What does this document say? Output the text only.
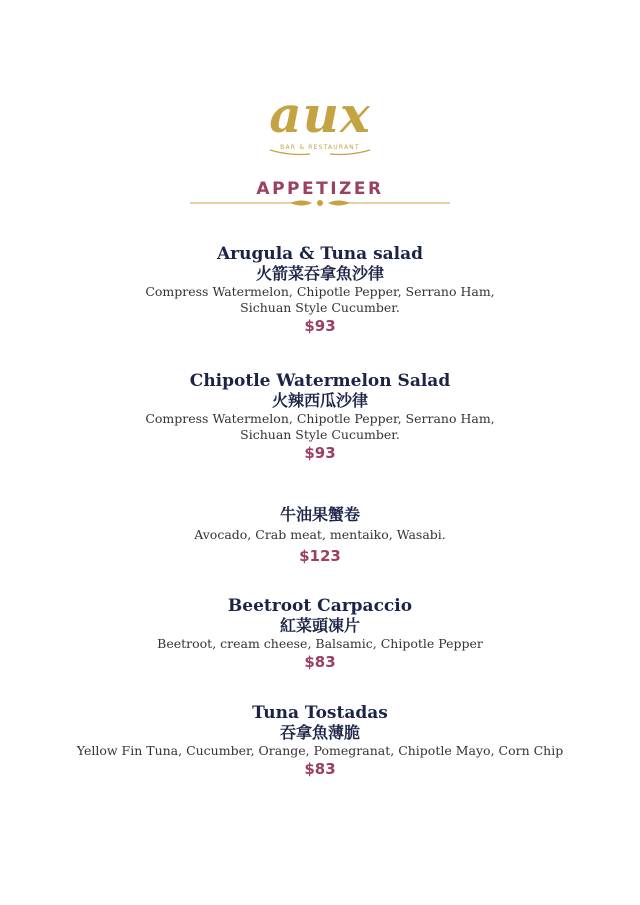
aux
BAR & RESTAURANT
APPETIZER
Arugula & Tuna salad
火箭菜吞拿魚沙律
Compress Watermelon, Chipotle Pepper, Serrano Ham,
Sichuan Style Cucumber.
$93
Chipotle Watermelon Salad
火辣西瓜沙律
Compress Watermelon, Chipotle Pepper, Serrano Ham,
Sichuan Style Cucumber.
$93
牛油果蟹卷
Avocado, Crab meat, mentaiko, Wasabi.
$123
Beetroot Carpaccio
紅菜頭凍片
Beetroot, cream cheese, Balsamic, Chipotle Pepper
$83
Tuna Tostadas
吞拿魚薄脆
Yellow Fin Tuna, Cucumber, Orange, Pomegranat, Chipotle Mayo, Corn Chip
$83
